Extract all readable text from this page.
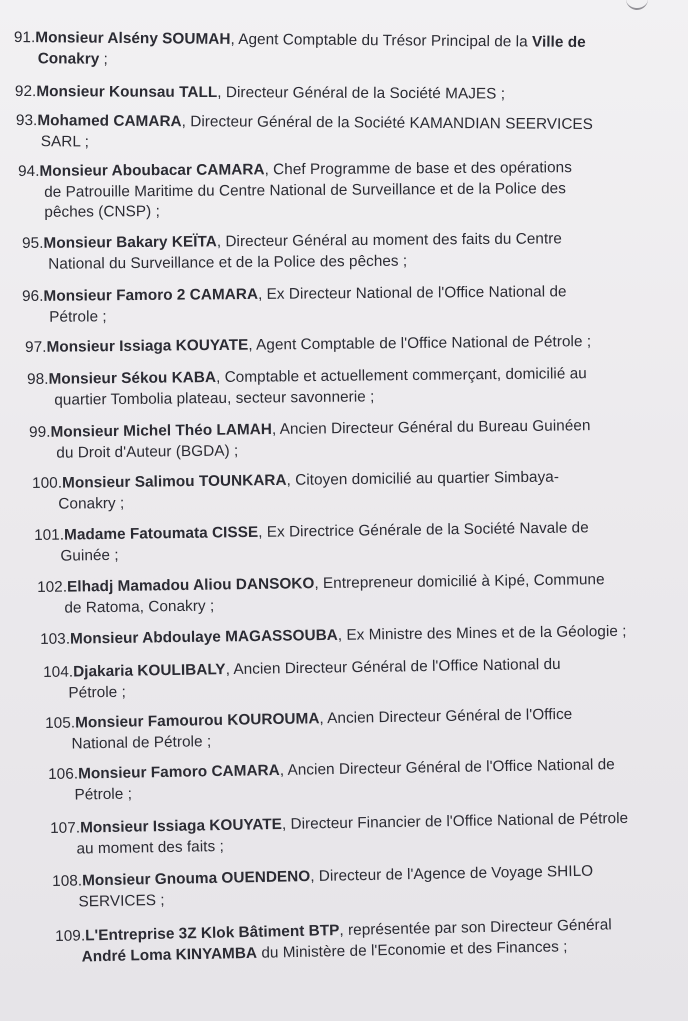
91.Monsieur Alsény SOUMAH, Agent Comptable du Trésor Principal de la Ville de
Conakry ;
92.Monsieur Kounsau TALL, Directeur Général de la Société MAJES ;
93.Mohamed CAMARA, Directeur Général de la Société KAMANDIAN SEERVICES
SARL ;
94.Monsieur Aboubacar CAMARA, Chef Programme de base et des opérations
de Patrouille Maritime du Centre National de Surveillance et de la Police des
pêches (CNSP) ;
95.Monsieur Bakary KEÏTA, Directeur Général au moment des faits du Centre
National du Surveillance et de la Police des pêches ;
96.Monsieur Famoro 2 CAMARA, Ex Directeur National de l'Office National de
Pétrole ;
97.Monsieur Issiaga KOUYATE, Agent Comptable de l'Office National de Pétrole ;
98.Monsieur Sékou KABA, Comptable et actuellement commerçant, domicilié au
quartier Tombolia plateau, secteur savonnerie ;
99.Monsieur Michel Théo LAMAH, Ancien Directeur Général du Bureau Guinéen
du Droit d'Auteur (BGDA) ;
100.Monsieur Salimou TOUNKARA, Citoyen domicilié au quartier Simbaya-
Conakry ;
101.Madame Fatoumata CISSE, Ex Directrice Générale de la Société Navale de
Guinée ;
102.Elhadj Mamadou Aliou DANSOKO, Entrepreneur domicilié à Kipé, Commune
de Ratoma, Conakry ;
103.Monsieur Abdoulaye MAGASSOUBA, Ex Ministre des Mines et de la Géologie ;
104.Djakaria KOULIBALY, Ancien Directeur Général de l'Office National du
Pétrole ;
105.Monsieur Famourou KOUROUMA, Ancien Directeur Général de l'Office
National de Pétrole ;
106.Monsieur Famoro CAMARA, Ancien Directeur Général de l'Office National de
Pétrole ;
107.Monsieur Issiaga KOUYATE, Directeur Financier de l'Office National de Pétrole
au moment des faits ;
108.Monsieur Gnouma OUENDENO, Directeur de l'Agence de Voyage SHILO
SERVICES ;
109.L'Entreprise 3Z Klok Bâtiment BTP, représentée par son Directeur Général
André Loma KINYAMBA du Ministère de l'Economie et des Finances ;
